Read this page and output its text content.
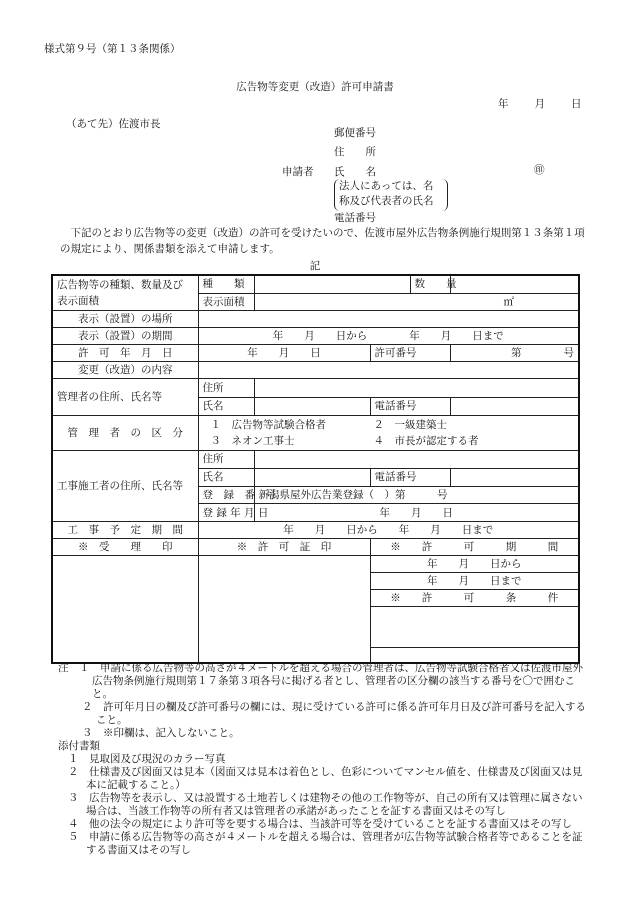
様式第９号（第１３条関係）
広告物等変更（改造）許可申請書
年 月 日
（あて先）佐渡市長
郵便番号
住　　所
申請者 氏　　名	㊞
法人にあっては、名
称及び代表者の氏名
電話番号
下記のとおり広告物等の変更（改造）の許可を受けたいので、佐渡市屋外広告物条例施行規則第１３条第１項の規定により、関係書類を添えて申請します。
記
広告物等の種類、数量及び
表示面積	種　　類			数　　量	
	表示面積	㎡			
表示（設置）の場所					
表示（設置）の期間	年　　月　　日から　　　　年　　月　　日まで				
許　可　年　月　日	年　　月　　日		許可番号		第　　　　号
変更（改造）の内容					
管理者の住所、氏名等	住所				
	氏名		電話番号		
管　理　者　の　区　分	１　広告物等試験合格者 ２　一級建築士
３　ネオン工事士 ４　市長が認定する者				

工事施工者の住所、氏名等	住所				
	氏名		電話番号		
	登　録　番　号	新潟県屋外広告業登録（　）第　　　号			
	登 録 年 月 日	年　　月　　日			
工　事　予　定　期　間	年　　月　　日から　　年　　月　　日まで				
※　受　　理　　印	※　許　可　証　印		※　　許　　　可　　　期　　　間		
			年　　月　　日から		
			年　　月　　日まで		
			※　　許　　　可　　　条　　　件		

注　１　申請に係る広告物等の高さが４メートルを超える場合の管理者は、広告物等試験合格者又は佐渡市屋外広告物条例施行規則第１７条第３項各号に掲げる者とし、管理者の区分欄の該当する番号を〇で囲むこと。

２　許可年月日の欄及び許可番号の欄には、現に受けている許可に係る許可年月日及び許可番号を記入すること。

３　※印欄は、記入しないこと。

添付書類

１　見取図及び現況のカラー写真

２　仕様書及び図面又は見本（図面又は見本は着色とし、色彩についてマンセル値を、仕様書及び図面又は見本に記載すること。）

３　広告物等を表示し、又は設置する土地若しくは建物その他の工作物等が、自己の所有又は管理に属さない場合は、当該工作物等の所有者又は管理者の承諾があったことを証する書面又はその写し

４　他の法令の規定により許可等を要する場合は、当該許可等を受けていることを証する書面又はその写し

５　申請に係る広告物等の高さが４メートルを超える場合は、管理者が広告物等試験合格者等であることを証する書面又はその写し
